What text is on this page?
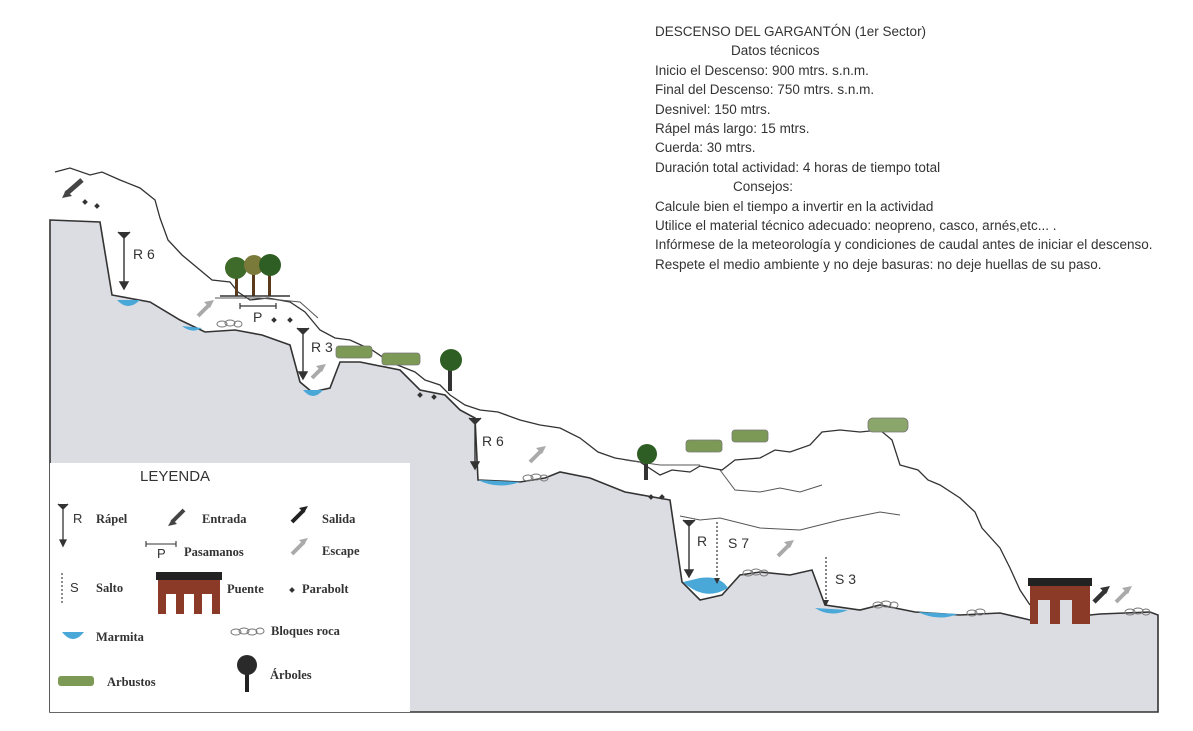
R 6
P
R 3
R 6
R S 7
S 3
LEYENDA
R Rápel	Entrada	Salida
P Pasamanos	Escape
S Salto	Puente	Parabolt
Marmita	Bloques roca
Arbustos	Árboles
DESCENSO DEL GARGANTÓN (1er Sector)
Datos técnicos
Inicio el Descenso: 900 mtrs. s.n.m.
Final del Descenso: 750 mtrs. s.n.m.
Desnivel: 150 mtrs.
Rápel más largo: 15 mtrs.
Cuerda: 30 mtrs.
Duración total actividad: 4 horas de tiempo total
Consejos:
Calcule bien el tiempo a invertir en la actividad
Utilice el material técnico adecuado: neopreno, casco, arnés,etc... .
Infórmese de la meteorología y condiciones de caudal antes de iniciar el descenso.
Respete el medio ambiente y no deje basuras: no deje huellas de su paso.
